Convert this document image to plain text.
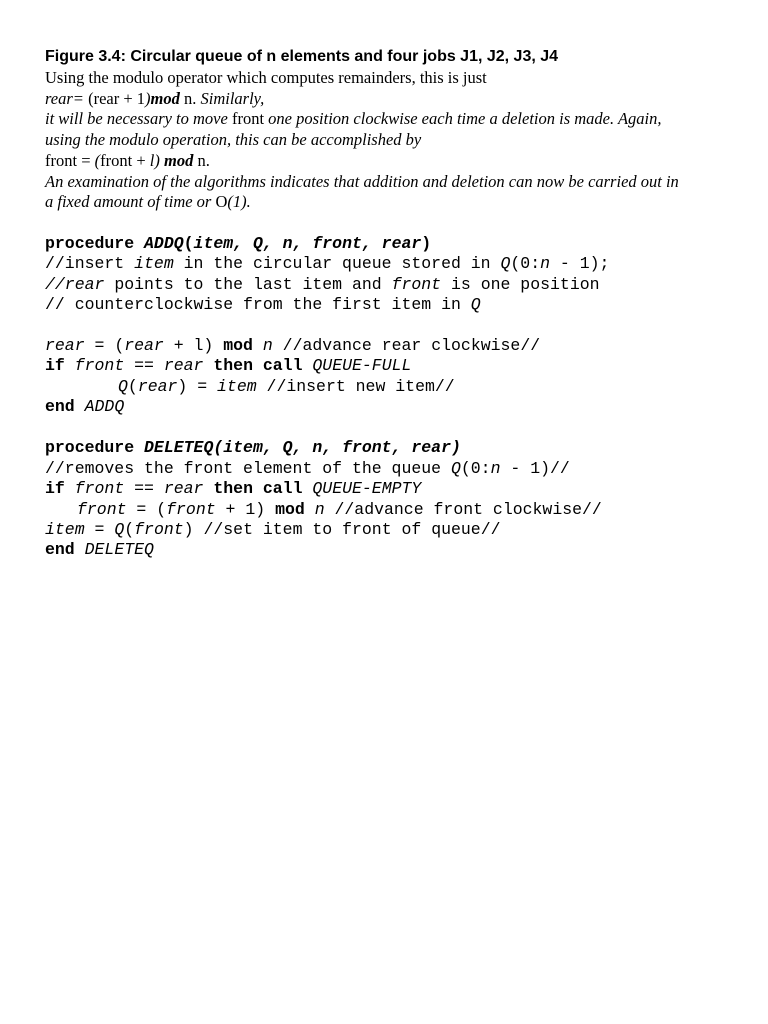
Figure 3.4: Circular queue of n elements and four jobs J1, J2, J3, J4

Using the modulo operator which computes remainders, this is just
rear= (rear + 1)mod n. Similarly,
it will be necessary to move front one position clockwise each time a deletion is made. Again,
using the modulo operation, this can be accomplished by
front = (front + l) mod n.
An examination of the algorithms indicates that addition and deletion can now be carried out in
a fixed amount of time or O(1).
procedure ADDQ(item, Q, n, front, rear)
//insert item in the circular queue stored in Q(0:n - 1);
//rear points to the last item and front is one position
// counterclockwise from the first item in Q
rear = (rear + l) mod n //advance rear clockwise//
if front == rear then call QUEUE-FULL
Q(rear) = item //insert new item//
end ADDQ
procedure DELETEQ(item, Q, n, front, rear)
//removes the front element of the queue Q(0:n - 1)//
if front == rear then call QUEUE-EMPTY
front = (front + 1) mod n //advance front clockwise//
item = Q(front) //set item to front of queue//
end DELETEQ
